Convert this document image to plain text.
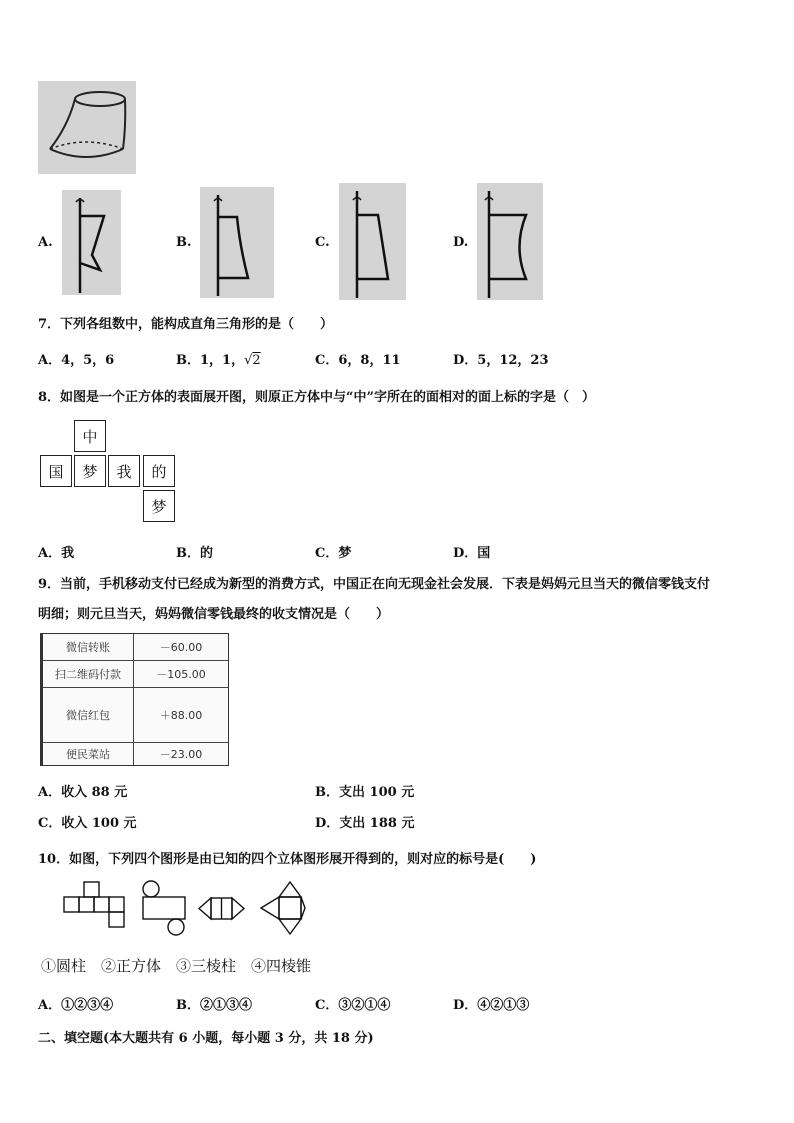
A.	B.	C.	D.
7．下列各组数中，能构成直角三角形的是（　　）
A．4，5，6	B．1，1，√2	C．6，8，11	D．5，12，23
8．如图是一个正方体的表面展开图，则原正方体中与“中”字所在的面相对的面上标的字是（　）
中
国	梦	我	的
梦
A．我	B．的	C．梦	D．国
9．当前，手机移动支付已经成为新型的消费方式，中国正在向无现金社会发展．下表是妈妈元旦当天的微信零钱支付
明细；则元旦当天，妈妈微信零钱最终的收支情况是（　　）
微信转账	－60.00
扫二维码付款	－105.00
微信红包	＋88.00
便民菜站	－23.00
A．收入 88 元	B．支出 100 元
C．收入 100 元	D．支出 188 元
10．如图，下列四个图形是由已知的四个立体图形展开得到的，则对应的标号是(　　)
①圆柱　②正方体　③三棱柱　④四棱锥
A．①②③④	B．②①③④	C．③②①④	D．④②①③
二、填空题(本大题共有 6 小题，每小题 3 分，共 18 分)
